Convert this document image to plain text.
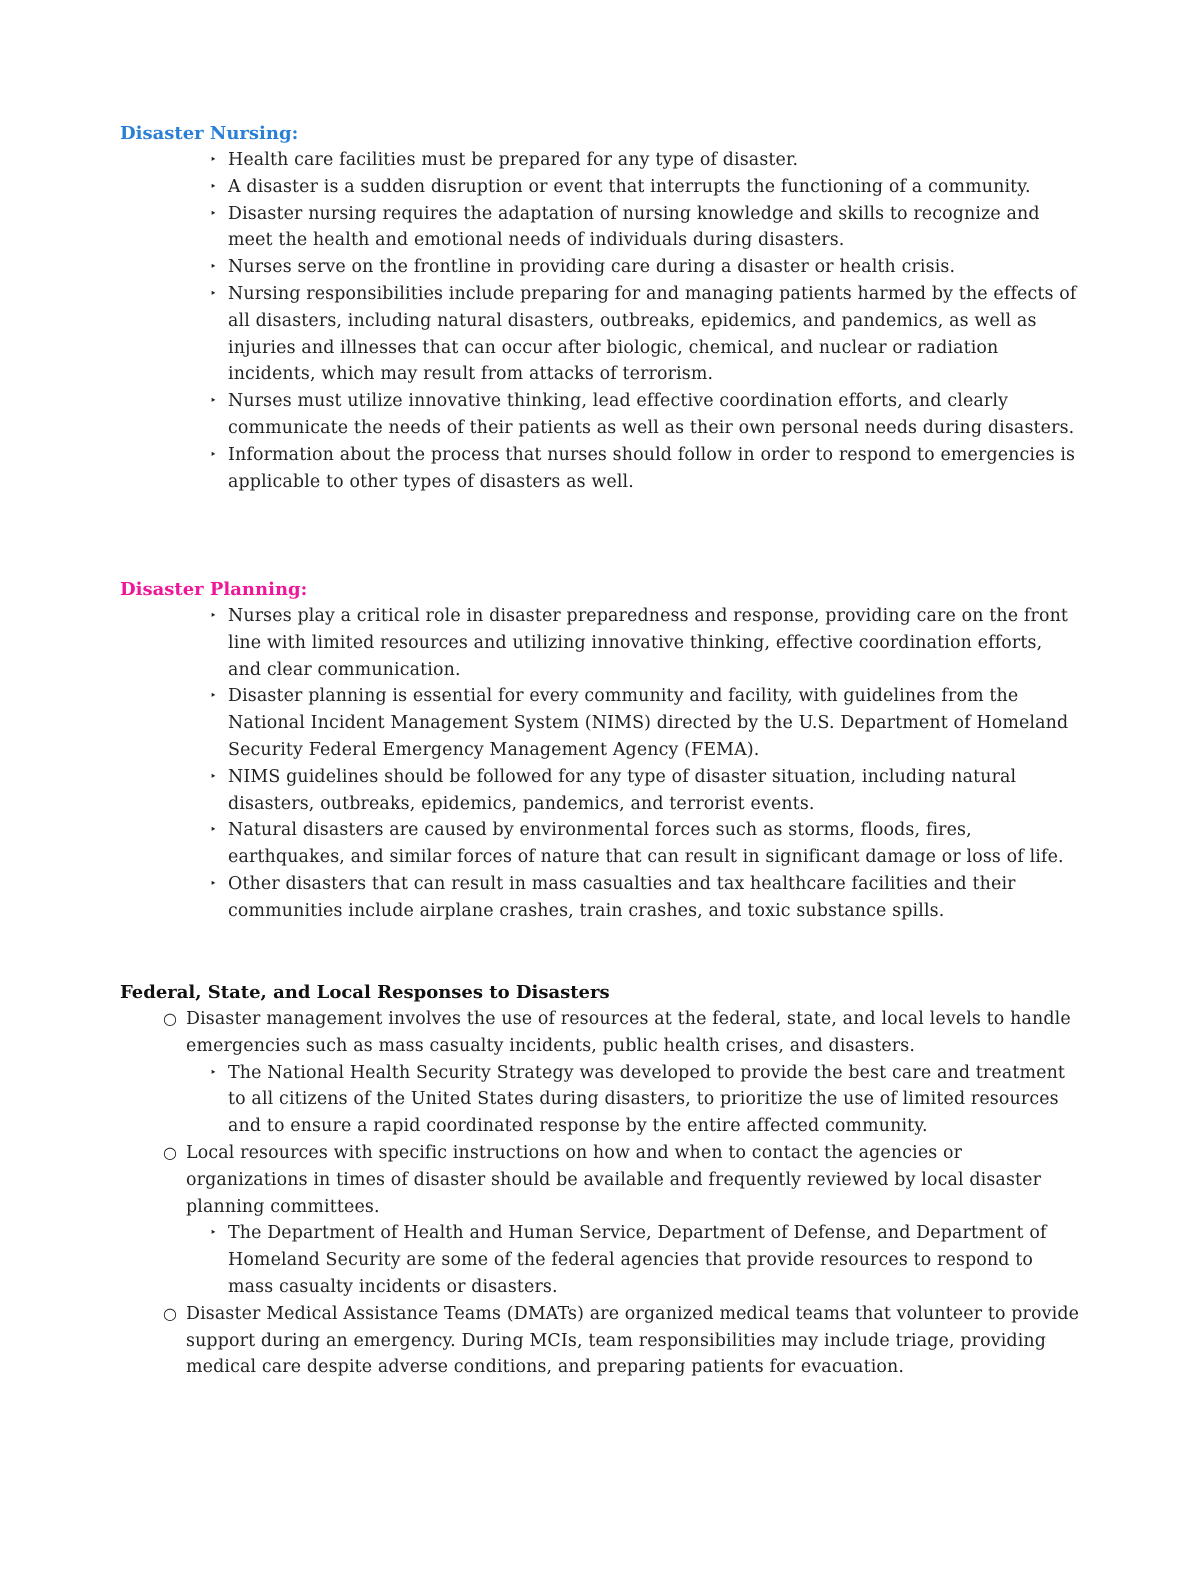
Disaster Nursing:
‣ Health care facilities must be prepared for any type of disaster.
‣ A disaster is a sudden disruption or event that interrupts the functioning of a community.
‣ Disaster nursing requires the adaptation of nursing knowledge and skills to recognize and meet the health and emotional needs of individuals during disasters.
‣ Nurses serve on the frontline in providing care during a disaster or health crisis.
‣ Nursing responsibilities include preparing for and managing patients harmed by the effects of all disasters, including natural disasters, outbreaks, epidemics, and pandemics, as well as injuries and illnesses that can occur after biologic, chemical, and nuclear or radiation incidents, which may result from attacks of terrorism.
‣ Nurses must utilize innovative thinking, lead effective coordination efforts, and clearly communicate the needs of their patients as well as their own personal needs during disasters.
‣ Information about the process that nurses should follow in order to respond to emergencies is applicable to other types of disasters as well.
Disaster Planning:
‣ Nurses play a critical role in disaster preparedness and response, providing care on the front line with limited resources and utilizing innovative thinking, effective coordination efforts, and clear communication.
‣ Disaster planning is essential for every community and facility, with guidelines from the National Incident Management System (NIMS) directed by the U.S. Department of Homeland Security Federal Emergency Management Agency (FEMA).
‣ NIMS guidelines should be followed for any type of disaster situation, including natural disasters, outbreaks, epidemics, pandemics, and terrorist events.
‣ Natural disasters are caused by environmental forces such as storms, floods, fires, earthquakes, and similar forces of nature that can result in significant damage or loss of life.
‣ Other disasters that can result in mass casualties and tax healthcare facilities and their communities include airplane crashes, train crashes, and toxic substance spills.
Federal, State, and Local Responses to Disasters
○ Disaster management involves the use of resources at the federal, state, and local levels to handle emergencies such as mass casualty incidents, public health crises, and disasters.
‣ The National Health Security Strategy was developed to provide the best care and treatment to all citizens of the United States during disasters, to prioritize the use of limited resources and to ensure a rapid coordinated response by the entire affected community.
○ Local resources with specific instructions on how and when to contact the agencies or organizations in times of disaster should be available and frequently reviewed by local disaster planning committees.
‣ The Department of Health and Human Service, Department of Defense, and Department of Homeland Security are some of the federal agencies that provide resources to respond to mass casualty incidents or disasters.
○ Disaster Medical Assistance Teams (DMATs) are organized medical teams that volunteer to provide support during an emergency. During MCIs, team responsibilities may include triage, providing medical care despite adverse conditions, and preparing patients for evacuation.
